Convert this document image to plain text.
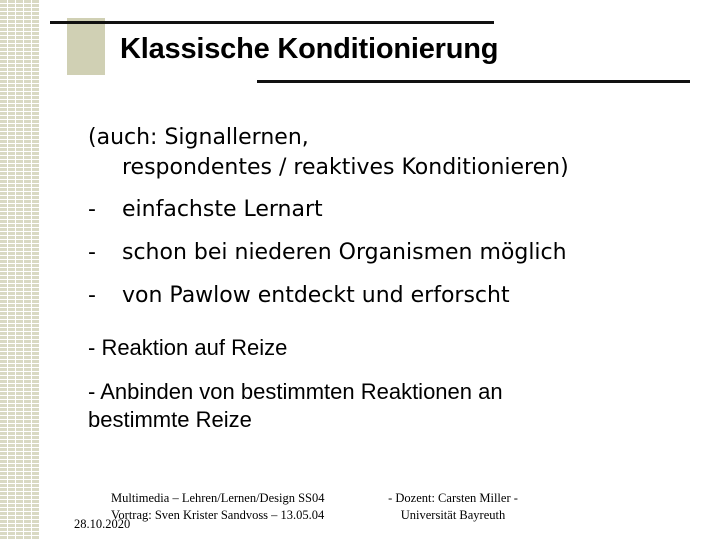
Klassische Konditionierung
(auch: Signallernen,
respondentes / reaktives Konditionieren)
- einfachste Lernart
- schon bei niederen Organismen möglich
- von Pawlow entdeckt und erforscht
- Reaktion auf Reize
- Anbinden von bestimmten Reaktionen an
bestimmte Reize
Multimedia – Lehren/Lernen/Design SS04
Vortrag: Sven Krister Sandvoss – 13.05.04
28.10.2020
- Dozent: Carsten Miller -
Universität Bayreuth
